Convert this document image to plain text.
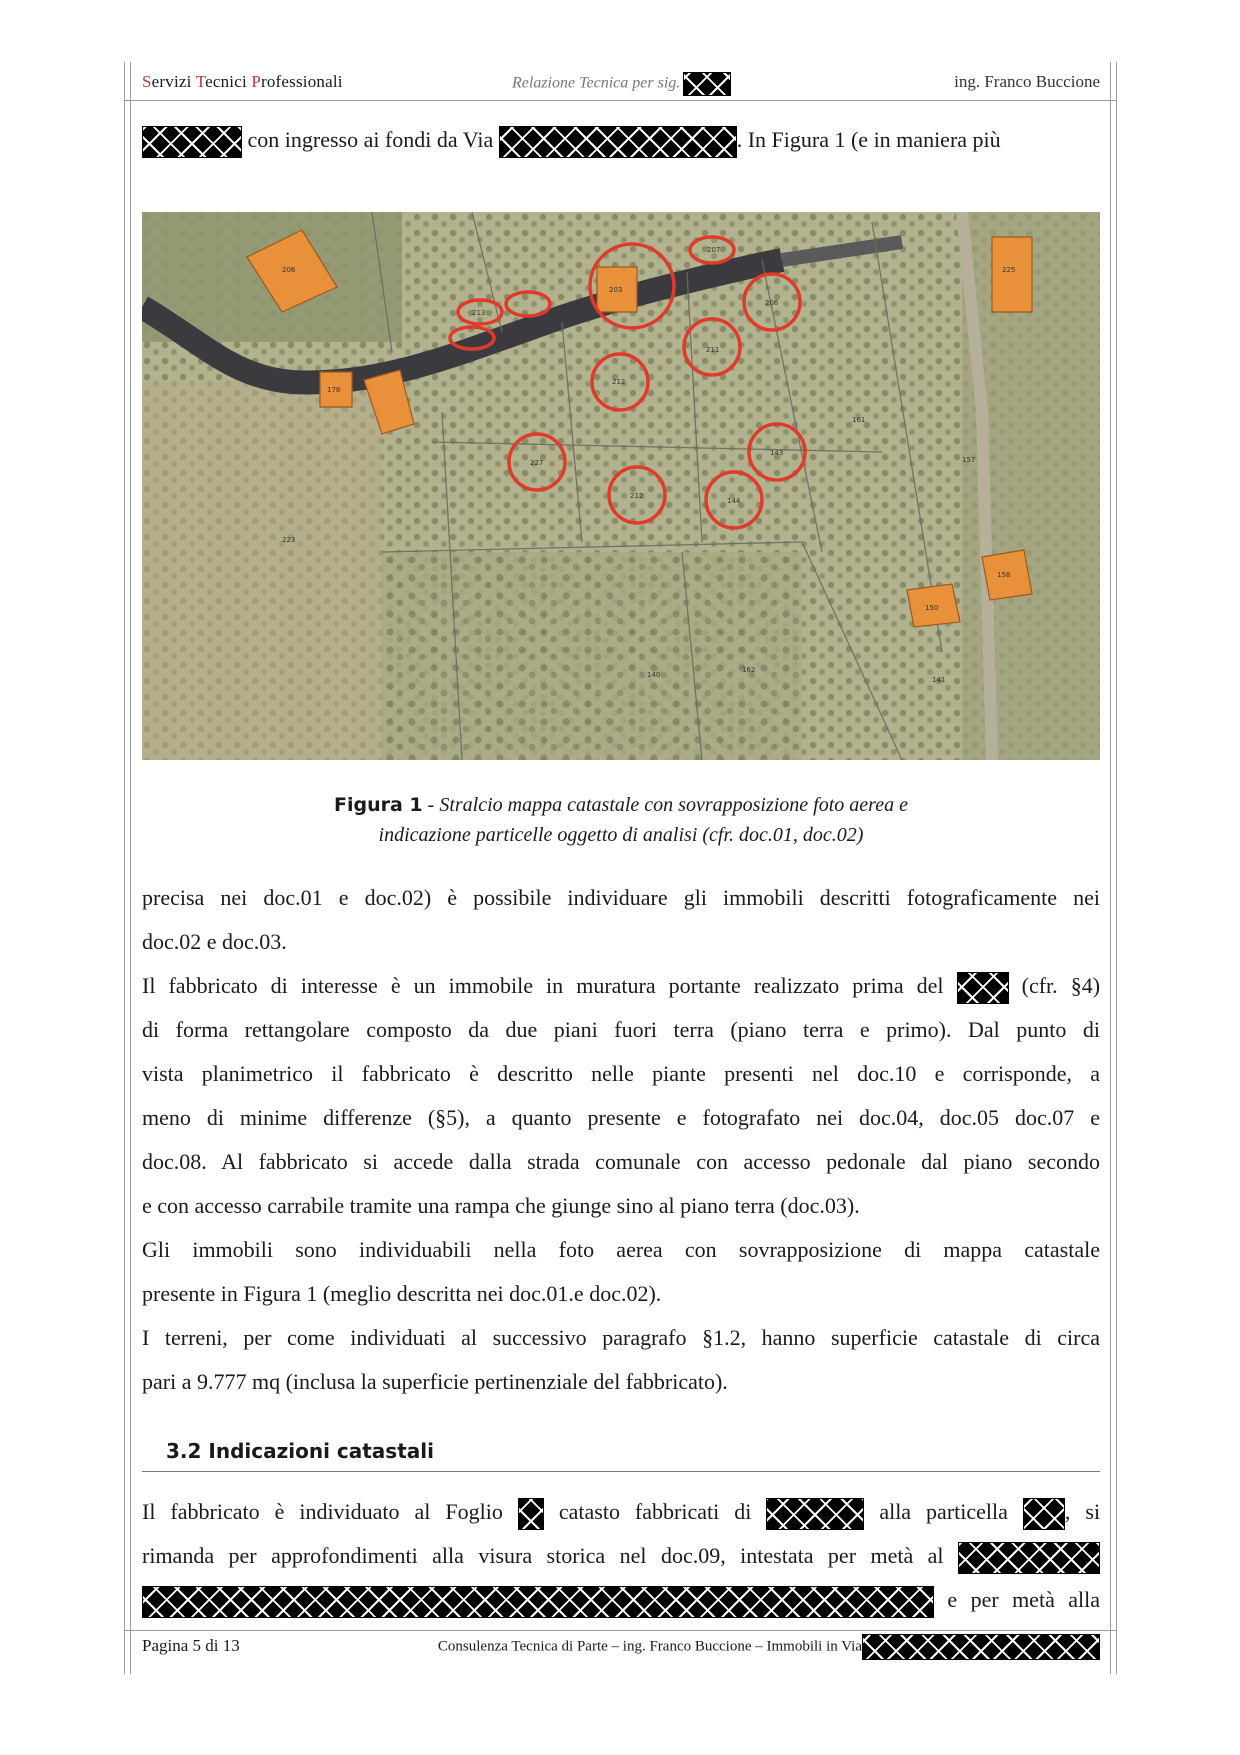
Servizi Tecnici Professionali	Relazione Tecnica per sig.	ing. Franco Buccione
con ingresso ai fondi da Via	. In Figura 1 (e in maniera più
206
213
203
178
207
211
212
206
227
143
144
212
223
141
162
140
157
158
150
225
161
Figura 1 - Stralcio mappa catastale con sovrapposizione foto aerea e
indicazione particelle oggetto di analisi (cfr. doc.01, doc.02)
precisa nei doc.01 e doc.02) è possibile individuare gli immobili descritti fotograficamente nei
doc.02 e doc.03.
Il fabbricato di interesse è un immobile in muratura portante realizzato prima del	(cfr. §4)
di forma rettangolare composto da due piani fuori terra (piano terra e primo). Dal punto di
vista planimetrico il fabbricato è descritto nelle piante presenti nel doc.10 e corrisponde, a
meno di minime differenze (§5), a quanto presente e fotografato nei doc.04, doc.05 doc.07 e
doc.08. Al fabbricato si accede dalla strada comunale con accesso pedonale dal piano secondo
e con accesso carrabile tramite una rampa che giunge sino al piano terra (doc.03).
Gli immobili sono individuabili nella foto aerea con sovrapposizione di mappa catastale
presente in Figura 1 (meglio descritta nei doc.01.e doc.02).
I terreni, per come individuati al successivo paragrafo §1.2, hanno superficie catastale di circa
pari a 9.777 mq (inclusa la superficie pertinenziale del fabbricato).
3.2 Indicazioni catastali
Il fabbricato è individuato al Foglio	catasto fabbricati di	alla particella	, si
rimanda per approfondimenti alla visura storica nel doc.09, intestata per metà al
e per metà alla
Pagina 5 di 13	Consulenza Tecnica di Parte – ing. Franco Buccione – Immobili in Via
